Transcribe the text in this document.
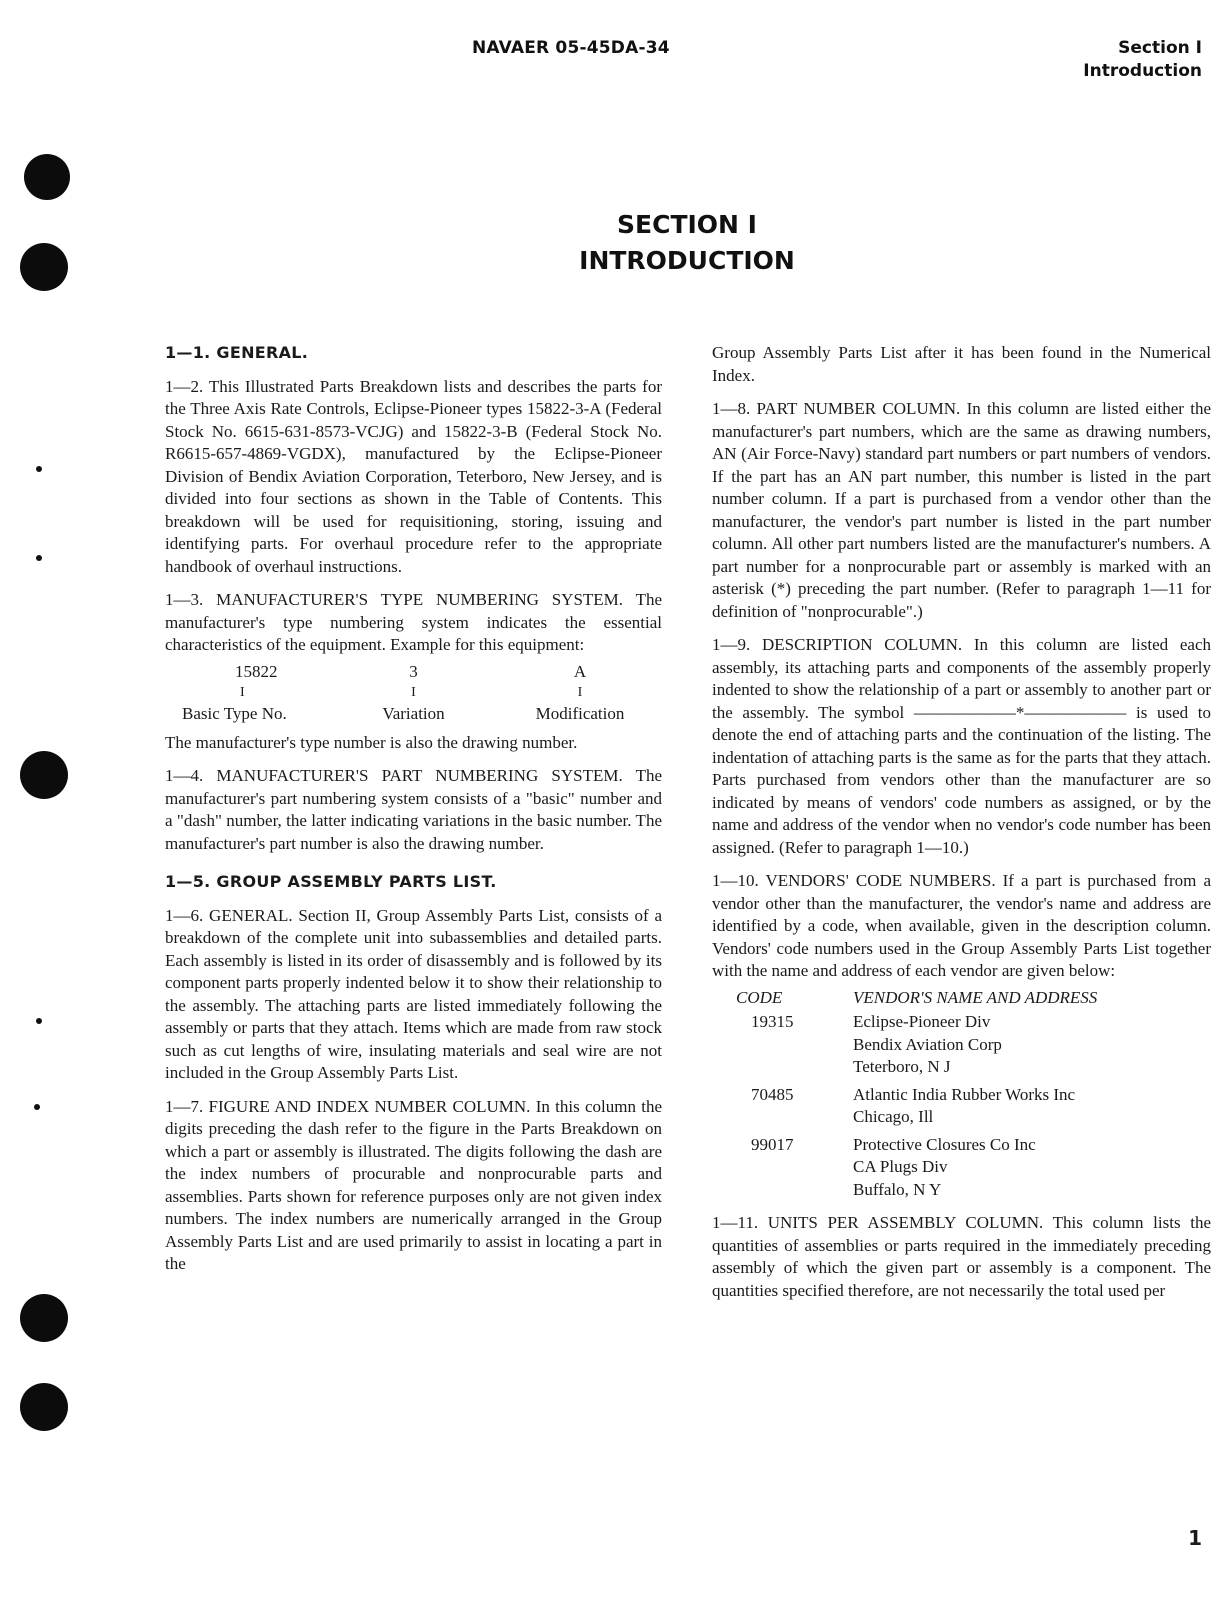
NAVAER 05-45DA-34	Section I
Introduction
SECTION I
INTRODUCTION
1—1. GENERAL.

1—2. This Illustrated Parts Breakdown lists and describes the parts for the Three Axis Rate Controls, Eclipse-Pioneer types 15822-3-A (Federal Stock No. 6615-631-8573-VCJG) and 15822-3-B (Federal Stock No. R6615-657-4869-VGDX), manufactured by the Eclipse-Pioneer Division of Bendix Aviation Corporation, Teterboro, New Jersey, and is divided into four sections as shown in the Table of Contents. This breakdown will be used for requisitioning, storing, issuing and identifying parts. For overhaul procedure refer to the appropriate handbook of overhaul instructions.

1—3. MANUFACTURER'S TYPE NUMBERING SYSTEM. The manufacturer's type numbering system indicates the essential characteristics of the equipment. Example for this equipment:

15822	3	A
I	I	I
Basic Type No.	Variation	Modification

The manufacturer's type number is also the drawing number.

1—4. MANUFACTURER'S PART NUMBERING SYSTEM. The manufacturer's part numbering system consists of a "basic" number and a "dash" number, the latter indicating variations in the basic number. The manufacturer's part number is also the drawing number.

1—5. GROUP ASSEMBLY PARTS LIST.

1—6. GENERAL. Section II, Group Assembly Parts List, consists of a breakdown of the complete unit into subassemblies and detailed parts. Each assembly is listed in its order of disassembly and is followed by its component parts properly indented below it to show their relationship to the assembly. The attaching parts are listed immediately following the assembly or parts that they attach. Items which are made from raw stock such as cut lengths of wire, insulating materials and seal wire are not included in the Group Assembly Parts List.

1—7. FIGURE AND INDEX NUMBER COLUMN. In this column the digits preceding the dash refer to the figure in the Parts Breakdown on which a part or assembly is illustrated. The digits following the dash are the index numbers of procurable and nonprocurable parts and assemblies. Parts shown for reference purposes only are not given index numbers. The index numbers are numerically arranged in the Group Assembly Parts List and are used primarily to assist in locating a part in the

Group Assembly Parts List after it has been found in the Numerical Index.

1—8. PART NUMBER COLUMN. In this column are listed either the manufacturer's part numbers, which are the same as drawing numbers, AN (Air Force-Navy) standard part numbers or part numbers of vendors. If the part has an AN part number, this number is listed in the part number column. If a part is purchased from a vendor other than the manufacturer, the vendor's part number is listed in the part number column. All other part numbers listed are the manufacturer's numbers. A part number for a nonprocurable part or assembly is marked with an asterisk (*) preceding the part number. (Refer to paragraph 1—11 for definition of "nonprocurable".)

1—9. DESCRIPTION COLUMN. In this column are listed each assembly, its attaching parts and components of the assembly properly indented to show the relationship of a part or assembly to another part or the assembly. The symbol ——————*—————— is used to denote the end of attaching parts and the continuation of the listing. The indentation of attaching parts is the same as for the parts that they attach. Parts purchased from vendors other than the manufacturer are so indicated by means of vendors' code numbers as assigned, or by the name and address of the vendor when no vendor's code number has been assigned. (Refer to paragraph 1—10.)

1—10. VENDORS' CODE NUMBERS. If a part is purchased from a vendor other than the manufacturer, the vendor's name and address are identified by a code, when available, given in the description column. Vendors' code numbers used in the Group Assembly Parts List together with the name and address of each vendor are given below:

CODE	VENDOR'S NAME AND ADDRESS
19315	Eclipse-Pioneer Div
Bendix Aviation Corp
Teterboro, N J
70485	Atlantic India Rubber Works Inc
Chicago, Ill
99017	Protective Closures Co Inc
CA Plugs Div
Buffalo, N Y

1—11. UNITS PER ASSEMBLY COLUMN. This column lists the quantities of assemblies or parts required in the immediately preceding assembly of which the given part or assembly is a component. The quantities specified therefore, are not necessarily the total used per

1
